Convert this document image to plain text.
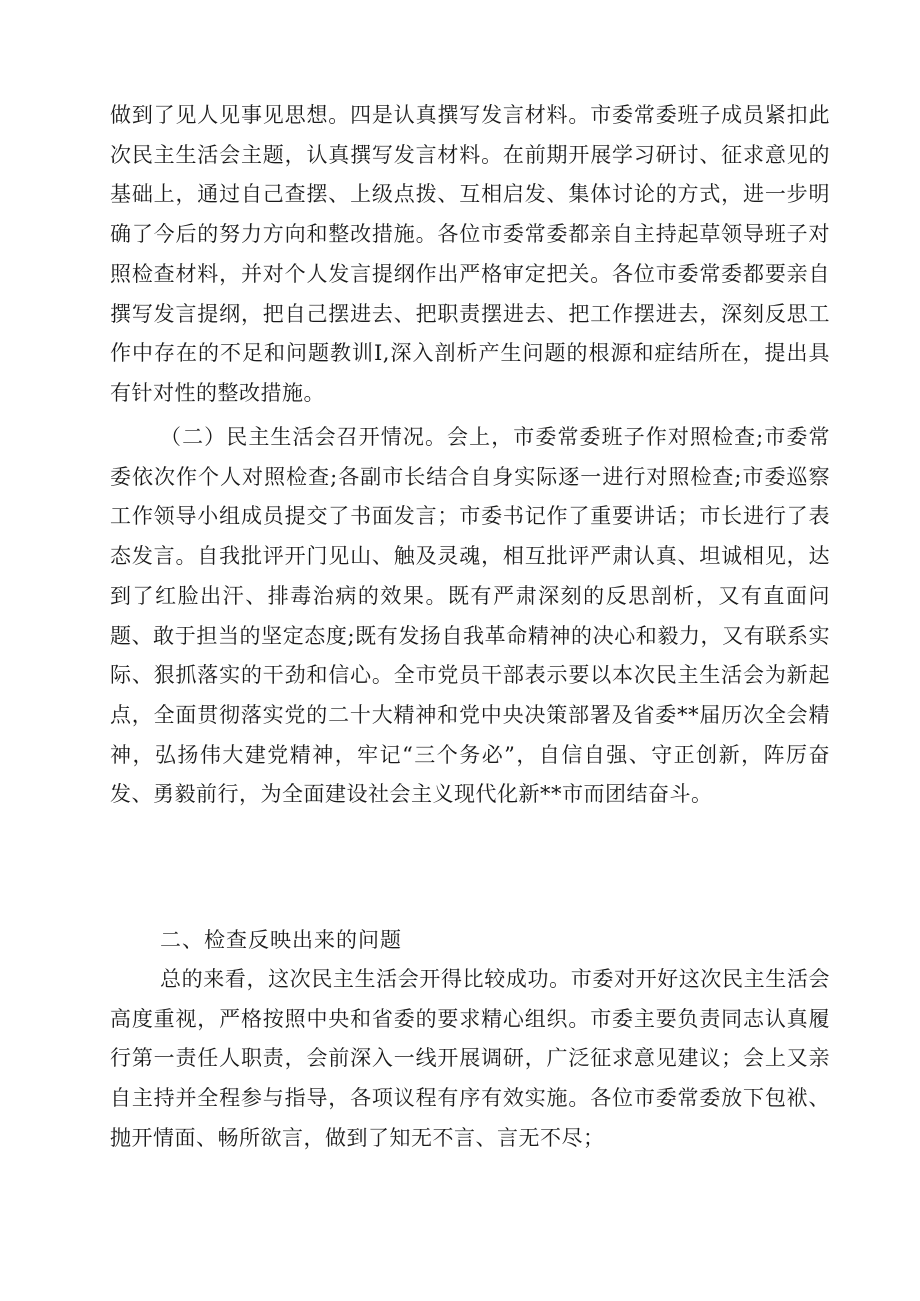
做到了见人见事见思想。四是认真撰写发言材料。市委常委班子成员紧扣此次民主生活会主题，认真撰写发言材料。在前期开展学习研讨、征求意见的基础上，通过自己查摆、上级点拨、互相启发、集体讨论的方式，进一步明确了今后的努力方向和整改措施。各位市委常委都亲自主持起草领导班子对照检查材料，并对个人发言提纲作出严格审定把关。各位市委常委都要亲自撰写发言提纲，把自己摆进去、把职责摆进去、把工作摆进去，深刻反思工作中存在的不足和问题教训I,深入剖析产生问题的根源和症结所在，提出具有针对性的整改措施。

（二）民主生活会召开情况。会上，市委常委班子作对照检查;市委常委依次作个人对照检查;各副市长结合自身实际逐一进行对照检查;市委巡察工作领导小组成员提交了书面发言；市委书记作了重要讲话；市长进行了表态发言。自我批评开门见山、触及灵魂，相互批评严肃认真、坦诚相见，达到了红脸出汗、排毒治病的效果。既有严肃深刻的反思剖析，又有直面问题、敢于担当的坚定态度;既有发扬自我革命精神的决心和毅力，又有联系实际、狠抓落实的干劲和信心。全市党员干部表示要以本次民主生活会为新起点，全面贯彻落实党的二十大精神和党中央决策部署及省委**届历次全会精神，弘扬伟大建党精神，牢记“三个务必”，自信自强、守正创新，阵厉奋发、勇毅前行，为全面建设社会主义现代化新**市而团结奋斗。

二、检查反映出来的问题

总的来看，这次民主生活会开得比较成功。市委对开好这次民主生活会高度重视，严格按照中央和省委的要求精心组织。市委主要负责同志认真履行第一责任人职责，会前深入一线开展调研，广泛征求意见建议；会上又亲自主持并全程参与指导，各项议程有序有效实施。各位市委常委放下包袱、抛开情面、畅所欲言，做到了知无不言、言无不尽；
